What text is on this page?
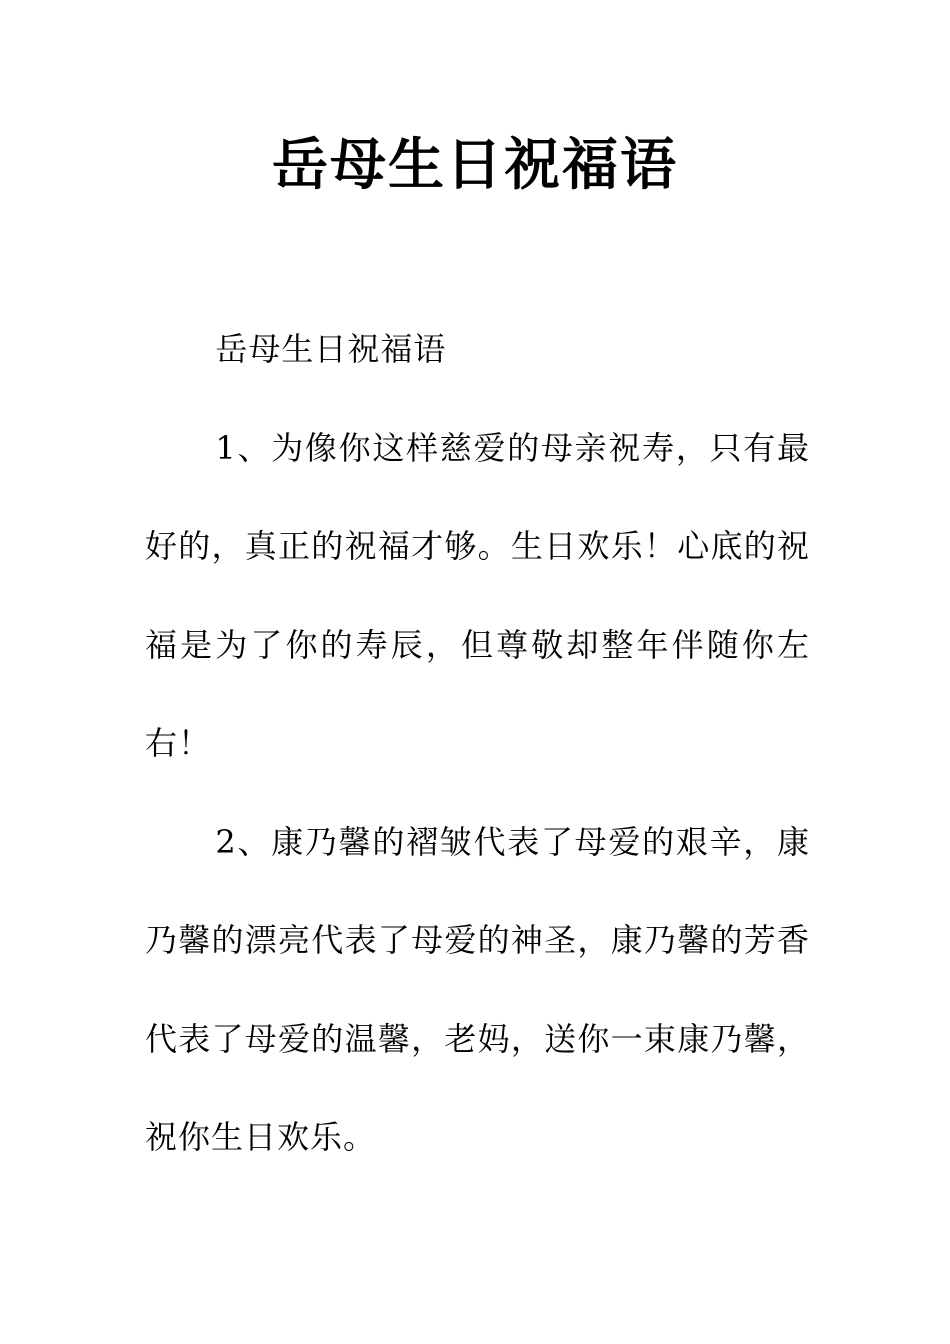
岳母生日祝福语

岳母生日祝福语

1、为像你这样慈爱的母亲祝寿，只有最好的，真正的祝福才够。生日欢乐！心底的祝福是为了你的寿辰，但尊敬却整年伴随你左右！

2、康乃馨的褶皱代表了母爱的艰辛，康乃馨的漂亮代表了母爱的神圣，康乃馨的芳香代表了母爱的温馨，老妈，送你一束康乃馨，祝你生日欢乐。
